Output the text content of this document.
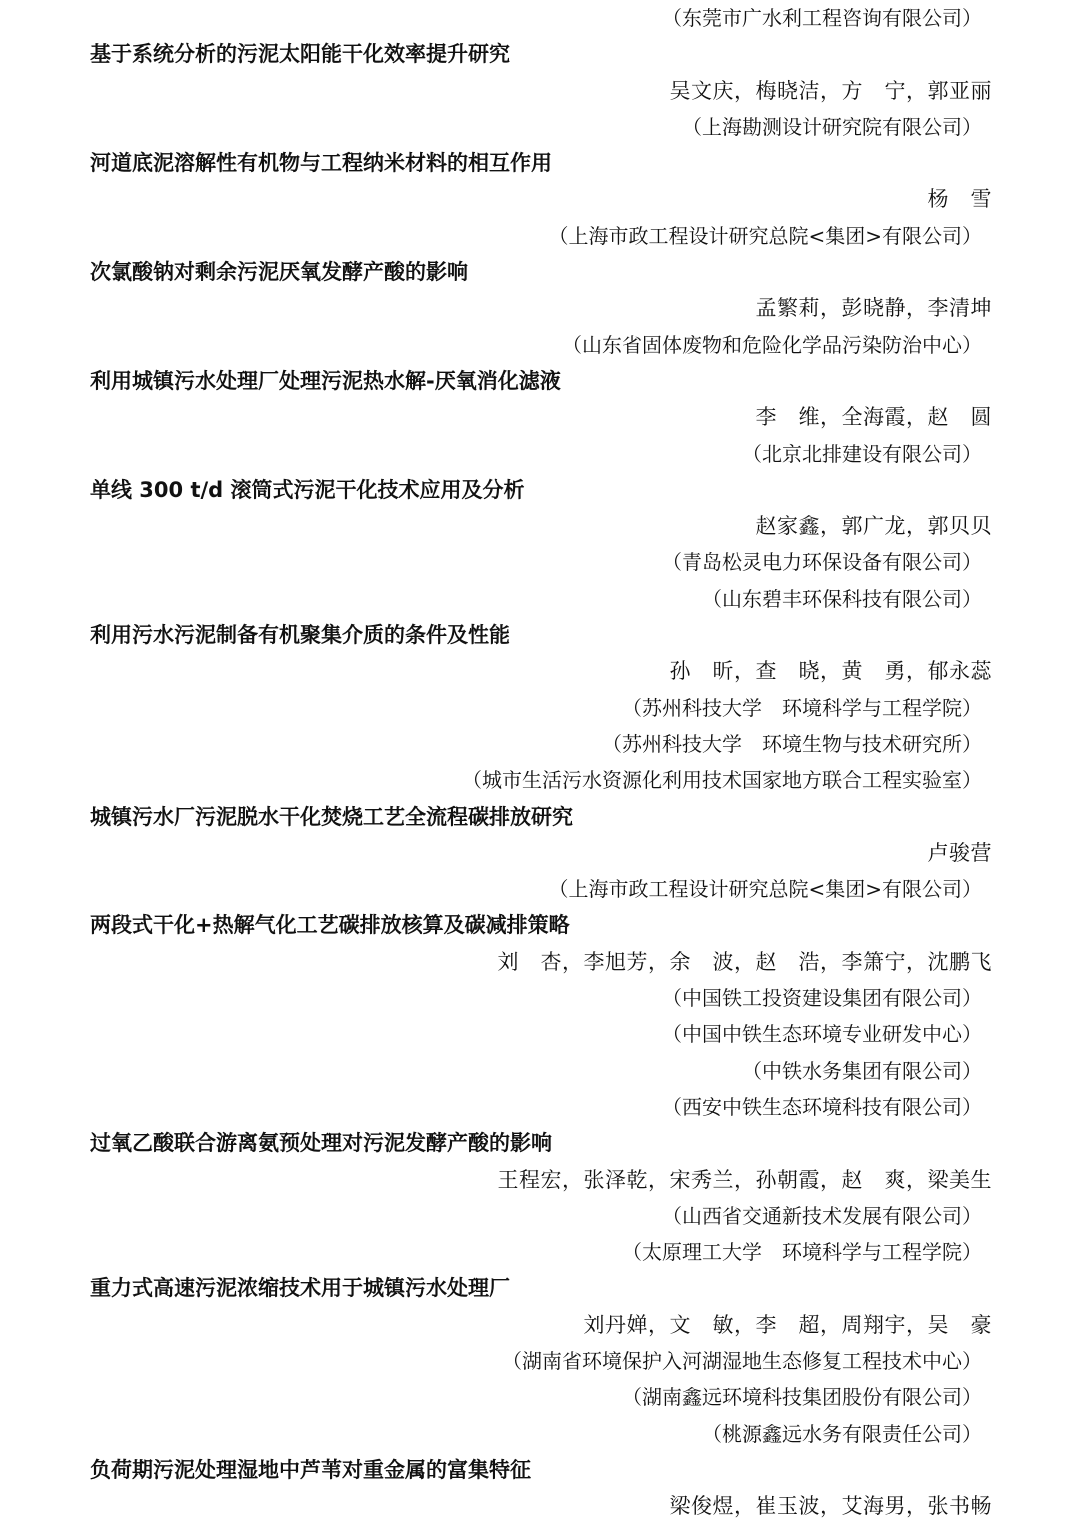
（东莞市广水利工程咨询有限公司）
基于系统分析的污泥太阳能干化效率提升研究
吴文庆，梅晓洁，方　宁，郭亚丽
（上海勘测设计研究院有限公司）
河道底泥溶解性有机物与工程纳米材料的相互作用
杨　雪
（上海市政工程设计研究总院<集团>有限公司）
次氯酸钠对剩余污泥厌氧发酵产酸的影响
孟繁莉，彭晓静，李清坤
（山东省固体废物和危险化学品污染防治中心）
利用城镇污水处理厂处理污泥热水解-厌氧消化滤液
李　维，全海霞，赵　圆
（北京北排建设有限公司）
单线 300 t/d 滚筒式污泥干化技术应用及分析
赵家鑫，郭广龙，郭贝贝
（青岛松灵电力环保设备有限公司）
（山东碧丰环保科技有限公司）
利用污水污泥制备有机聚集介质的条件及性能
孙　昕，查　晓，黄　勇，郁永蕊
（苏州科技大学　环境科学与工程学院）
（苏州科技大学　环境生物与技术研究所）
（城市生活污水资源化利用技术国家地方联合工程实验室）
城镇污水厂污泥脱水干化焚烧工艺全流程碳排放研究
卢骏营
（上海市政工程设计研究总院<集团>有限公司）
两段式干化+热解气化工艺碳排放核算及碳减排策略
刘　杏，李旭芳，余　波，赵　浩，李箫宁，沈鹏飞
（中国铁工投资建设集团有限公司）
（中国中铁生态环境专业研发中心）
（中铁水务集团有限公司）
（西安中铁生态环境科技有限公司）
过氧乙酸联合游离氨预处理对污泥发酵产酸的影响
王程宏，张泽乾，宋秀兰，孙朝霞，赵　爽，梁美生
（山西省交通新技术发展有限公司）
（太原理工大学　环境科学与工程学院）
重力式高速污泥浓缩技术用于城镇污水处理厂
刘丹婵，文　敏，李　超，周翔宇，吴　豪
（湖南省环境保护入河湖湿地生态修复工程技术中心）
（湖南鑫远环境科技集团股份有限公司）
（桃源鑫远水务有限责任公司）
负荷期污泥处理湿地中芦苇对重金属的富集特征
梁俊煜，崔玉波，艾海男，张书畅
